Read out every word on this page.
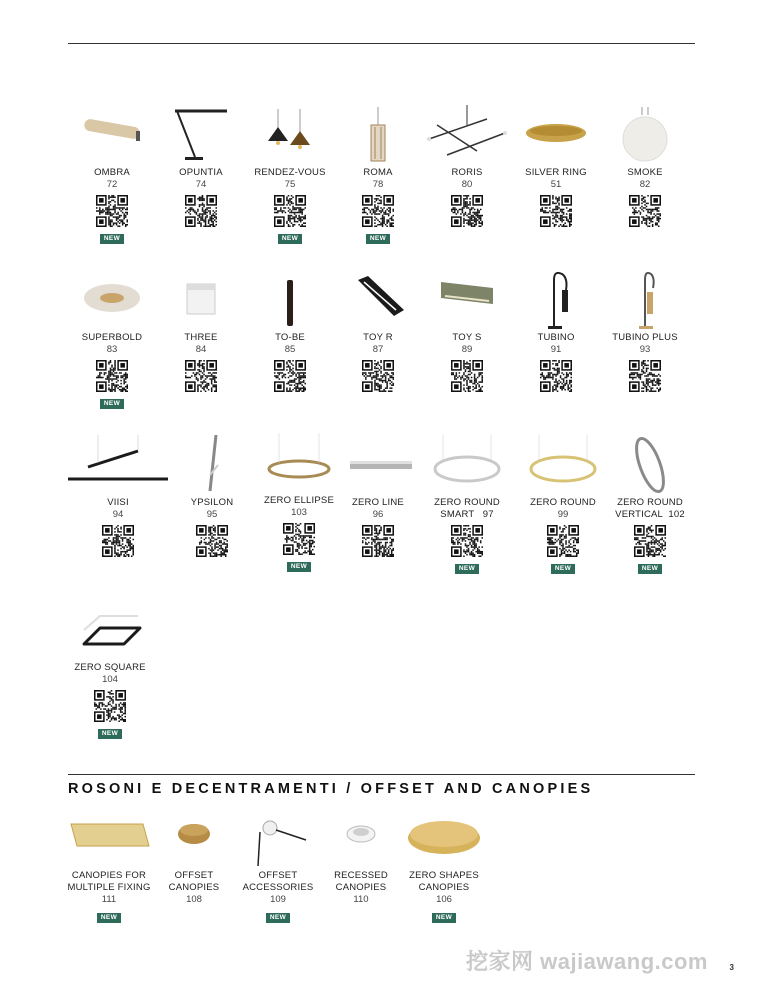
OMBRA
72
NEW
OPUNTIA
74
RENDEZ-VOUS
75
NEW
ROMA
78
NEW
RORIS
80
SILVER RING
51
SMOKE
82
SUPERBOLD
83
NEW
THREE
84
TO-BE
85
TOY R
87
TOY S
89
TUBINO
91
TUBINO PLUS
93
VIISI
94
YPSILON
95
ZERO ELLIPSE
103
NEW
ZERO LINE
96
ZERO ROUND
SMART   97
NEW
ZERO ROUND
99
NEW
ZERO ROUND
VERTICAL  102
NEW
ZERO SQUARE
104
NEW
ROSONI E DECENTRAMENTI / OFFSET AND CANOPIES
CANOPIES FOR
MULTIPLE FIXING
111
NEW
OFFSET
CANOPIES
108
OFFSET
ACCESSORIES
109
NEW
RECESSED
CANOPIES
110
ZERO SHAPES
CANOPIES
106
NEW
挖家网 wajiawang.com	3
